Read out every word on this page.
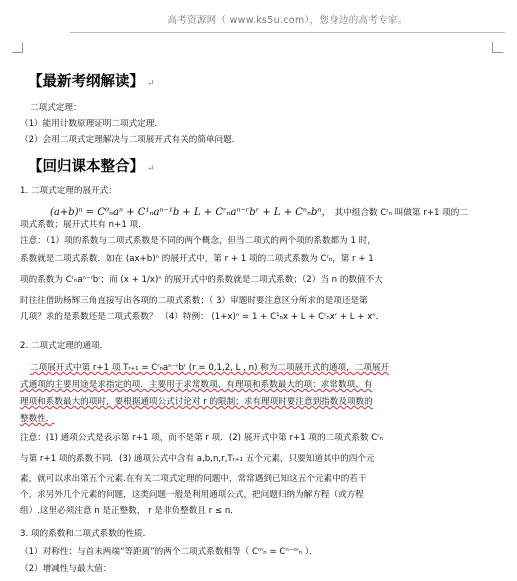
高考资源网（ www.ks5u.com），您身边的高考专家。
【最新考纲解读】 ↵
二项式定理：
（1）能用计数原理证明二项式定理．
（2）会用二项式定理解决与二项展开式有关的简单问题．
【回归课本整合】 ↵
1. 二项式定理的展开式：
(a+b)ⁿ = C⁰ₙaⁿ + C¹ₙaⁿ⁻¹b + L + Cʳₙaⁿ⁻ʳbʳ + L + Cⁿₙbⁿ， 其中组合数 Cʳₙ 叫做第 r+1 项的二
项式系数；展开式共有 n+1 项．
注意：（1）项的系数与二项式系数是不同的两个概念，但当二项式的两个项的系数都为 1 时，
系数就是二项式系数．如在 (ax+b)ⁿ 的展开式中，第 r + 1 项的二项式系数为 Cʳₙ，第 r + 1
项的系数为 Cʳₙaⁿ⁻ʳbʳ；而 (x + 1/x)ⁿ 的展开式中的系数就是二项式系数；（2）当 n 的数值不大
时往往借助杨辉三角直接写出各项的二项式系数；（ 3）审题时要注意区分所求的是项还是第
几项？求的是系数还是二项式系数？ （4）特例： (1+x)ⁿ = 1 + C¹ₙx + L + Cʳₙxʳ + L + xⁿ．
2. 二项式定理的通项．
二项展开式中第 r+1 项 Tᵣ₊₁ = Cʳₙaⁿ⁻ʳbʳ (r = 0,1,2, L , n) 称为二项展开式的通项，二项展开
式通项的主要用途是求指定的项．主要用于求常数项、有理项和系数最大的项：求常数项、有
理项和系数最大的项时，要根据通项公式讨论对 r 的限制；求有理项时要注意到指数及项数的
整数性．
注意：(1) 通项公式是表示第 r+1 项，而不是第 r 项．(2) 展开式中第 r+1 项的二项式系数 Cʳₙ
与第 r+1 项的系数不同．(3) 通项公式中含有 a,b,n,r,Tᵣ₊₁ 五个元素，只要知道其中的四个元
素，就可以求出第五个元素.在有关二项式定理的问题中，常常遇到已知这五个元素中的若干
个，求另外几个元素的问题，这类问题一般是利用通项公式，把问题归纳为解方程（或方程
组）.这里必须注意 n 是正整数， r 是非负整数且 r ≤ n．
3. 项的系数和二项式系数的性质．
（1）对称性：与首末两端“等距离”的两个二项式系数相等（ Cᵐₙ = Cⁿ⁻ᵐₙ ）．
（2）增减性与最大值：
